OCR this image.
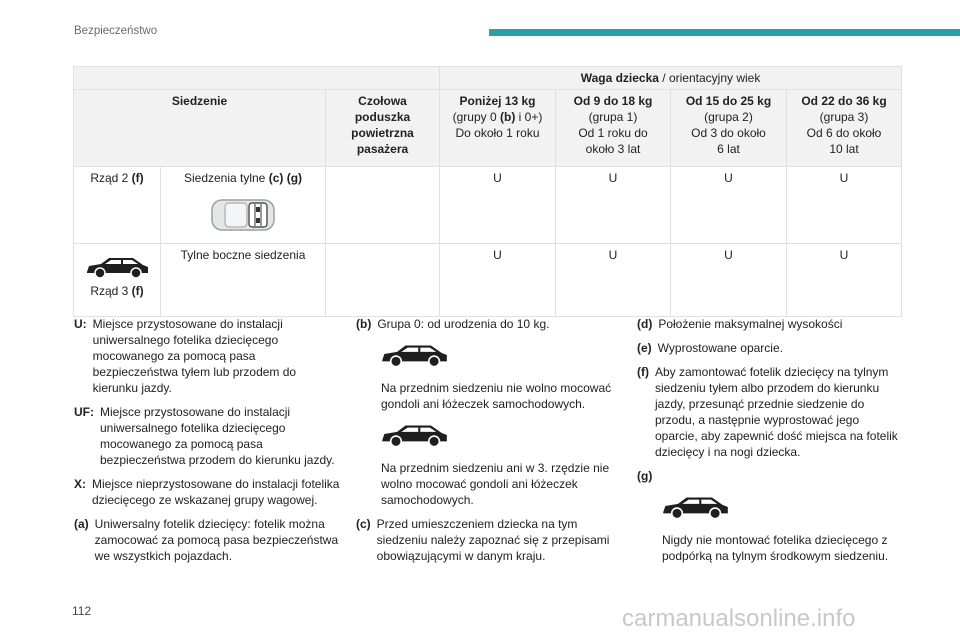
Bezpieczeństwo
			Waga dziecka / orientacyjny wiek			
Siedzenie		Czołowa
poduszka
powietrzna
pasażera	Poniżej 13 kg
(grupy 0 (b) i 0+)
Do około 1 roku	Od 9 do 18 kg
(grupa 1)
Od 1 roku do
około 3 lat	Od 15 do 25 kg
(grupa 2)
Od 3 do około
6 lat	Od 22 do 36 kg
(grupa 3)
Od 6 do około
10 lat

Rząd 2 (f)	Siedzenia tylne (c) (g)		U	U	U	U

Rząd 3 (f)	Tylne boczne siedzenia		U	U	U	U
U: Miejsce przystosowane do instalacji uniwersalnego fotelika dziecięcego mocowanego za pomocą pasa bezpieczeństwa tyłem lub przodem do kierunku jazdy.
UF: Miejsce przystosowane do instalacji uniwersalnego fotelika dziecięcego mocowanego za pomocą pasa bezpieczeństwa przodem do kierunku jazdy.
X: Miejsce nieprzystosowane do instalacji fotelika dziecięcego ze wskazanej grupy wagowej.
(a) Uniwersalny fotelik dziecięcy: fotelik można zamocować za pomocą pasa bezpieczeństwa we wszystkich pojazdach.
(b) Grupa 0: od urodzenia do 10 kg.
Na przednim siedzeniu nie wolno mocować gondoli ani łóżeczek samochodowych.
Na przednim siedzeniu ani w 3. rzędzie nie wolno mocować gondoli ani łóżeczek samochodowych.
(c) Przed umieszczeniem dziecka na tym siedzeniu należy zapoznać się z przepisami obowiązującymi w danym kraju.
(d) Położenie maksymalnej wysokości
(e) Wyprostowane oparcie.
(f) Aby zamontować fotelik dziecięcy na tylnym siedzeniu tyłem albo przodem do kierunku jazdy, przesunąć przednie siedzenie do przodu, a następnie wyprostować jego oparcie, aby zapewnić dość miejsca na fotelik dziecięcy i na nogi dziecka.
(g)
Nigdy nie montować fotelika dziecięcego z podpórką na tylnym środkowym siedzeniu.
112	carmanualsonline.info
